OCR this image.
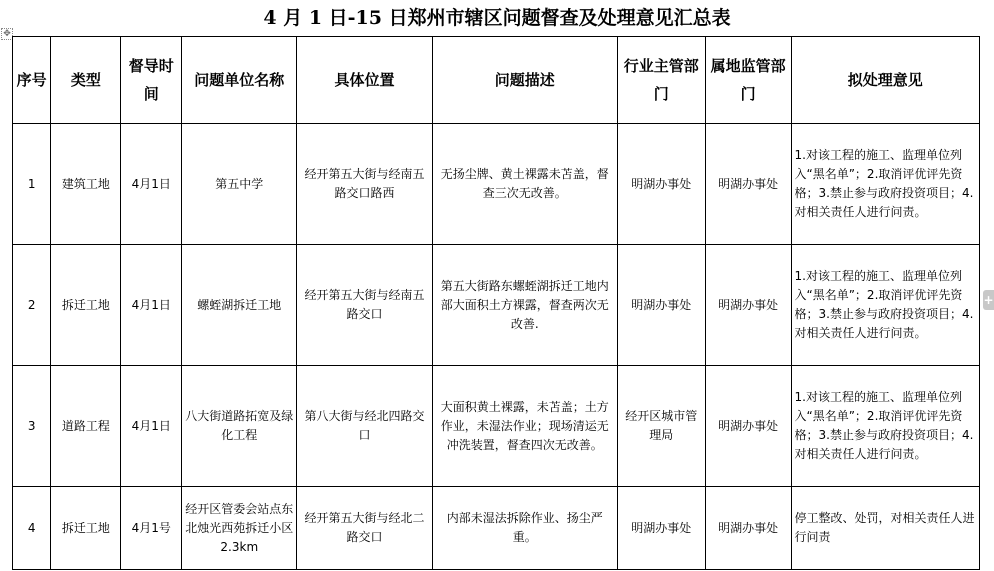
4 月 1 日-15 日郑州市辖区问题督查及处理意见汇总表
✥
+
序号	类型	督导时间	问题单位名称	具体位置	问题描述	行业主管部门	属地监管部门	拟处理意见
1	建筑工地	4月1日	第五中学	经开第五大街与经南五路交口路西	无扬尘牌、黄土裸露未苫盖，督查三次无改善。	明湖办事处	明湖办事处	1.对该工程的施工、监理单位列入“黑名单”；2.取消评优评先资格；3.禁止参与政府投资项目；4.对相关责任人进行问责。
2	拆迁工地	4月1日	螺蛭湖拆迁工地	经开第五大街与经南五路交口	第五大街路东螺蛭湖拆迁工地内部大面积土方裸露，督查两次无改善.	明湖办事处	明湖办事处	1.对该工程的施工、监理单位列入“黑名单”；2.取消评优评先资格；3.禁止参与政府投资项目；4.对相关责任人进行问责。
3	道路工程	4月1日	八大街道路拓宽及绿化工程	第八大街与经北四路交口	大面积黄土裸露，未苫盖；土方作业，未湿法作业；现场清运无冲洗装置，督查四次无改善。	经开区城市管理局	明湖办事处	1.对该工程的施工、监理单位列入“黑名单”；2.取消评优评先资格；3.禁止参与政府投资项目；4.对相关责任人进行问责。
4	拆迁工地	4月1号	经开区管委会站点东北烛光西苑拆迁小区2.3km	经开第五大街与经北二路交口	内部未湿法拆除作业、扬尘严重。	明湖办事处	明湖办事处	停工整改、处罚，对相关责任人进行问责
